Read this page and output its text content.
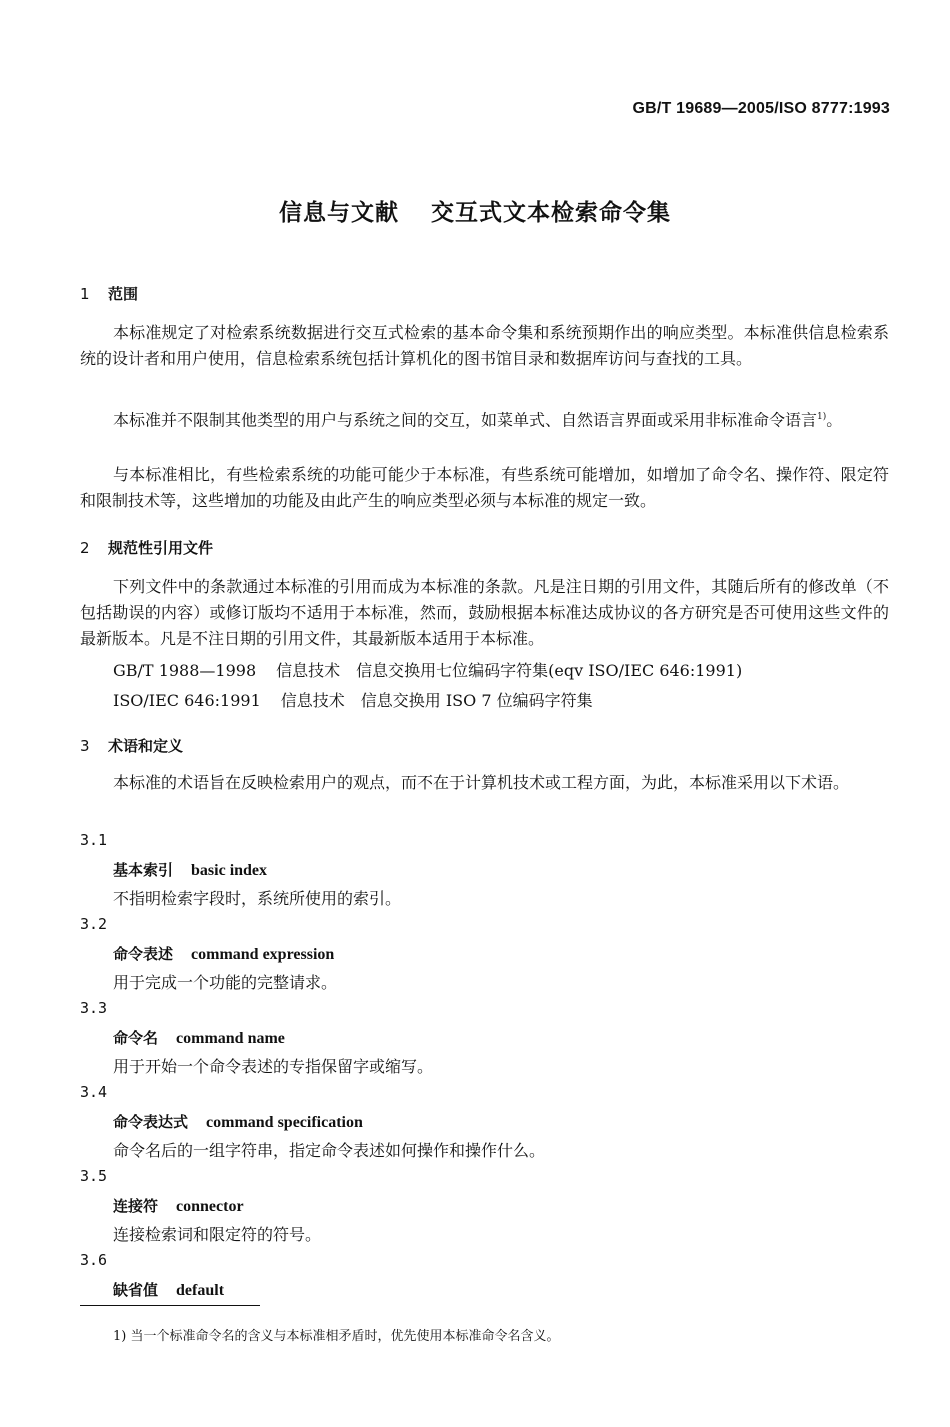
GB/T 19689—2005/ISO 8777:1993
信息与文献 交互式文本检索命令集
1 范围

本标准规定了对检索系统数据进行交互式检索的基本命令集和系统预期作出的响应类型。本标准供信息检索系统的设计者和用户使用，信息检索系统包括计算机化的图书馆目录和数据库访问与查找的工具。

本标准并不限制其他类型的用户与系统之间的交互，如菜单式、自然语言界面或采用非标准命令语言$^{1)}$。

与本标准相比，有些检索系统的功能可能少于本标准，有些系统可能增加，如增加了命令名、操作符、限定符和限制技术等，这些增加的功能及由此产生的响应类型必须与本标准的规定一致。

2 规范性引用文件

下列文件中的条款通过本标准的引用而成为本标准的条款。凡是注日期的引用文件，其随后所有的修改单（不包括勘误的内容）或修订版均不适用于本标准，然而，鼓励根据本标准达成协议的各方研究是否可使用这些文件的最新版本。凡是不注日期的引用文件，其最新版本适用于本标准。

GB/T 1988—1998 信息技术　信息交换用七位编码字符集(eqv ISO/IEC 646:1991)
ISO/IEC 646:1991 信息技术　信息交换用 ISO 7 位编码字符集
3 术语和定义

本标准的术语旨在反映检索用户的观点，而不在于计算机技术或工程方面，为此，本标准采用以下术语。

3.1
基本索引 basic index
不指明检索字段时，系统所使用的索引。
3.2
命令表述 command expression
用于完成一个功能的完整请求。
3.3
命令名 command name
用于开始一个命令表述的专指保留字或缩写。
3.4
命令表达式 command specification
命令名后的一组字符串，指定命令表述如何操作和操作什么。
3.5
连接符 connector
连接检索词和限定符的符号。
3.6
缺省值 default
1) 当一个标准命令名的含义与本标准相矛盾时，优先使用本标准命令名含义。
